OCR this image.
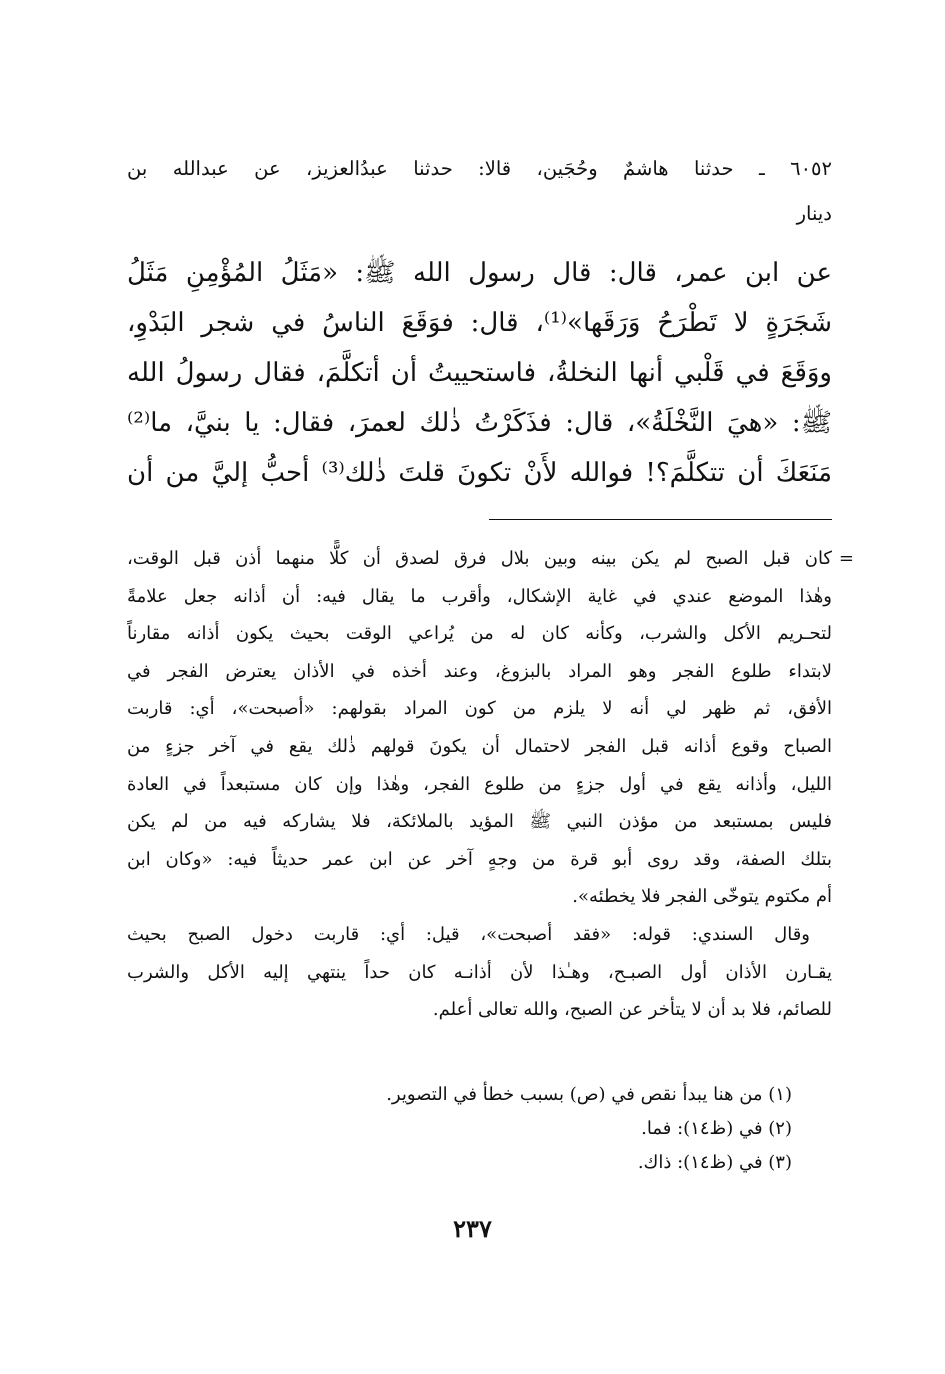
٦٠٥٢ ـ حدثنا هاشمٌ وحُجَين، قالا: حدثنا عبدُالعزيز، عن عبدالله بن
دينار
عن ابن عمر، قال: قال رسول الله ﷺ: «مَثَلُ المُؤْمِنِ مَثَلُ
شَجَرَةٍ لا تَطْرَحُ وَرَقَها»⁽¹⁾، قال: فوَقَعَ الناسُ في شجر البَدْوِ،
ووَقَعَ في قَلْبي أنها النخلةُ، فاستحييتُ أن أتكلَّمَ، فقال رسولُ الله
ﷺ: «هيَ النَّخْلَةُ»، قال: فذَكَرْتُ ذٰلك لعمرَ، فقال: يا بنيَّ، ما⁽²⁾
مَنَعَكَ أن تتكلَّمَ؟! فوالله لأَنْ تكونَ قلتَ ذٰلك⁽³⁾ أحبُّ إليَّ من أن
=
كان قبل الصبح لم يكن بينه وبين بلال فرق لصدق أن كلًّا منهما أذن قبل الوقت،
وهٰذا الموضع عندي في غاية الإشكال، وأقرب ما يقال فيه: أن أذانه جعل علامةً
لتحـريم الأكل والشرب، وكأنه كان له من يُراعي الوقت بحيث يكون أذانه مقارناً
لابتداء طلوع الفجر وهو المراد بالبزوغ، وعند أخذه في الأذان يعترض الفجر في
الأفق، ثم ظهر لي أنه لا يلزم من كون المراد بقولهم: «أصبحت»، أي: قاربت
الصباح وقوع أذانه قبل الفجر لاحتمال أن يكونَ قولهم ذٰلك يقع في آخر جزءٍ من
الليل، وأذانه يقع في أول جزءٍ من طلوع الفجر، وهٰذا وإن كان مستبعداً في العادة
فليس بمستبعد من مؤذن النبي ﷺ المؤيد بالملائكة، فلا يشاركه فيه من لم يكن
بتلك الصفة، وقد روى أبو قرة من وجهٍ آخر عن ابن عمر حديثاً فيه: «وكان ابن
أم مكتوم يتوخّى الفجر فلا يخطئه».
وقال السندي: قوله: «فقد أصبحت»، قيل: أي: قاربت دخول الصبح بحيث
يقـارن الأذان أول الصبـح، وهـٰذا لأن أذانـه كان حداً ينتهي إليه الأكل والشرب
للصائم، فلا بد أن لا يتأخر عن الصبح، والله تعالى أعلم.
(١) من هنا يبدأ نقص في (ص) بسبب خطأ في التصوير.
(٢) في (ظ١٤): فما.
(٣) في (ظ١٤): ذاك.
٢٣٧
